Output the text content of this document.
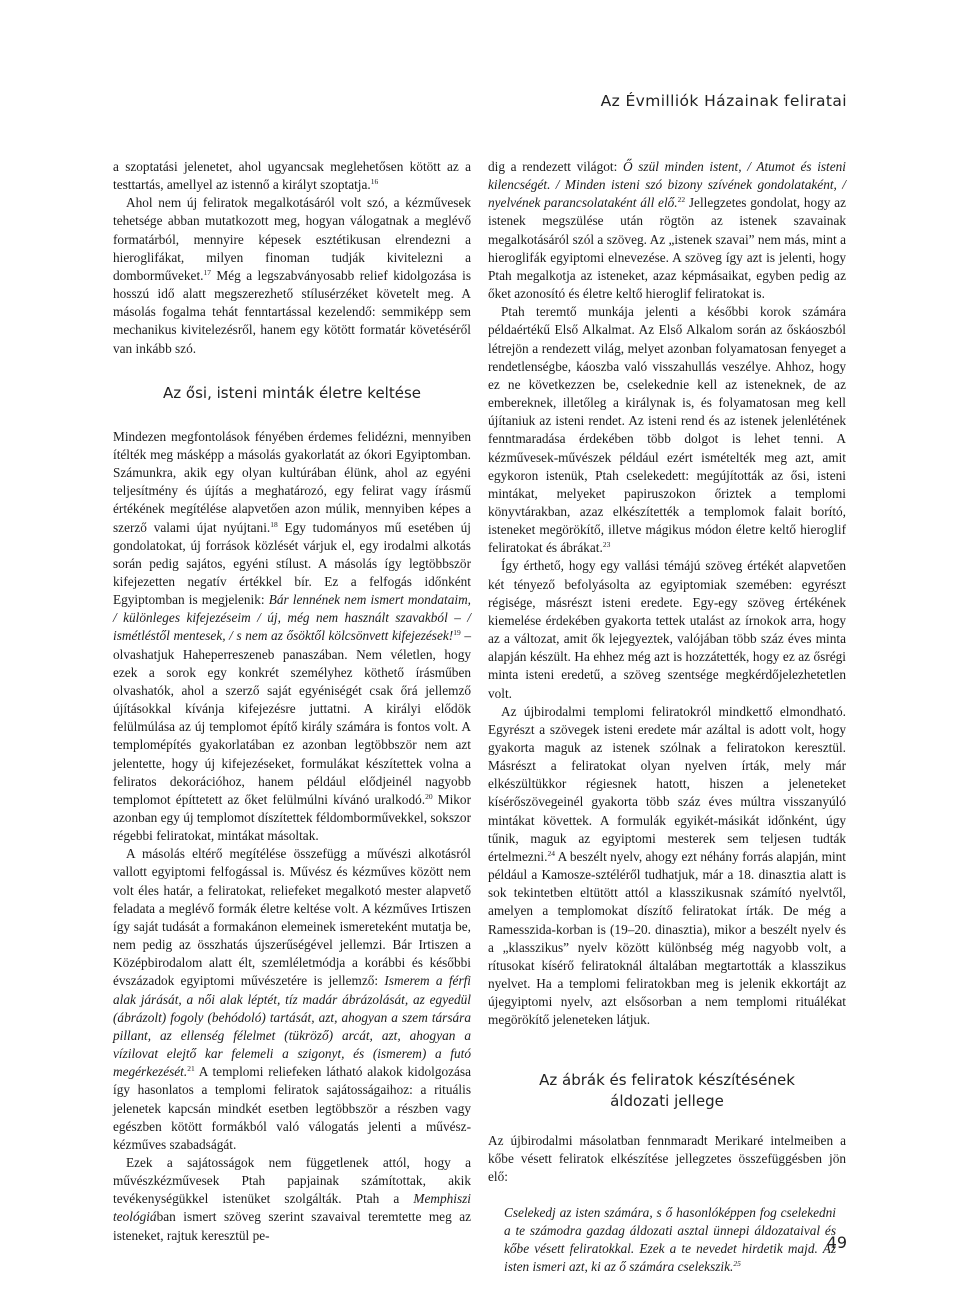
Az Évmilliók Házainak feliratai

a szoptatási jelenetet, ahol ugyancsak meglehetősen kötött az a testtartás, amellyel az istennő a királyt szoptatja.$^{16}$

Ahol nem új feliratok megalkotásáról volt szó, a kézművesek tehetsége abban mutatkozott meg, hogyan válogatnak a meglévő formatárból, mennyire képesek esztétikusan elrendezni a hieroglifákat, milyen finoman tudják kivitelezni a domborműveket.$^{17}$ Még a legszabványosabb relief kidolgozása is hosszú idő alatt megszerezhető stílusérzéket követelt meg. A másolás fogalma tehát fenntartással kezelendő: semmiképp sem mechanikus kivitelezésről, hanem egy kötött formatár követéséről van inkább szó.

Az ősi, isteni minták életre keltése

Mindezen megfontolások fényében érdemes felidézni, mennyiben ítélték meg másképp a másolás gyakorlatát az ókori Egyiptomban. Számunkra, akik egy olyan kultúrában élünk, ahol az egyéni teljesítmény és újítás a meghatározó, egy felirat vagy írásmű értékének megítélése alapvetően azon múlik, mennyiben képes a szerző valami újat nyújtani.$^{18}$ Egy tudományos mű esetében új gondolatokat, új források közlését várjuk el, egy irodalmi alkotás során pedig sajátos, egyéni stílust. A másolás így legtöbbször kifejezetten negatív értékkel bír. Ez a felfogás időnként Egyiptomban is megjelenik: Bár lennének nem ismert mondataim, / különleges kifejezéseim / új, még nem használt szavakból – / ismétléstől mentesek, / s nem az ősöktől kölcsönvett kifejezések!$^{19}$ – olvashatjuk Haheperreszeneb panaszában. Nem véletlen, hogy ezek a sorok egy konkrét személyhez köthető írásműben olvashatók, ahol a szerző saját egyéniségét csak őrá jellemző újításokkal kívánja kifejezésre juttatni. A királyi elődök felülmúlása az új templomot építő király számára is fontos volt. A templomépítés gyakorlatában ez azonban legtöbbször nem azt jelentette, hogy új kifejezéseket, formulákat készítettek volna a feliratos dekorációhoz, hanem például elődjeinél nagyobb templomot építtetett az őket felülmúlni kívánó uralkodó.$^{20}$ Mikor azonban egy új templomot díszítettek féldomborművekkel, sokszor régebbi feliratokat, mintákat másoltak.

A másolás eltérő megítélése összefügg a művészi alkotásról vallott egyiptomi felfogással is. Művész és kézműves között nem volt éles határ, a feliratokat, reliefeket megalkotó mester alapvető feladata a meglévő formák életre keltése volt. A kézműves Irtiszen így saját tudását a formakánon elemeinek ismereteként mutatja be, nem pedig az összhatás újszerűségével jellemzi. Bár Irtiszen a Középbirodalom alatt élt, szemléletmódja a korábbi és későbbi évszázadok egyiptomi művészetére is jellemző: Ismerem a férfi alak járását, a női alak léptét, tíz madár ábrázolását, az egyedül (ábrázolt) fogoly (behódoló) tartását, azt, ahogyan a szem társára pillant, az ellenség félelmet (tükröző) arcát, azt, ahogyan a vízilovat elejtő kar felemeli a szigonyt, és (ismerem) a futó megérkezését.$^{21}$ A templomi reliefeken látható alakok kidolgozása így hasonlatos a templomi feliratok sajátosságaihoz: a rituális jelenetek kapcsán mindkét esetben legtöbbször a részben vagy egészben kötött formákból való válogatás jelenti a művész-kézműves szabadságát.

Ezek a sajátosságok nem függetlenek attól, hogy a művészkézművesek Ptah papjainak számítottak, akik tevékenységükkel istenüket szolgálták. Ptah a Memphiszi teológiában ismert szöveg szerint szavaival teremtette meg az isteneket, rajtuk keresztül pe-

dig a rendezett világot: Ő szül minden istent, / Atumot és isteni kilencségét. / Minden isteni szó bizony szívének gondolataként, / nyelvének parancsolataként áll elő.$^{22}$ Jellegzetes gondolat, hogy az istenek megszülése után rögtön az istenek szavainak megalkotásáról szól a szöveg. Az „istenek szavai” nem más, mint a hieroglifák egyiptomi elnevezése. A szöveg így azt is jelenti, hogy Ptah megalkotja az isteneket, azaz képmásaikat, egyben pedig az őket azonosító és életre keltő hieroglif feliratokat is.

Ptah teremtő munkája jelenti a későbbi korok számára példaértékű Első Alkalmat. Az Első Alkalom során az őskáoszból létrejön a rendezett világ, melyet azonban folyamatosan fenyeget a rendetlenségbe, káoszba való visszahullás veszélye. Ahhoz, hogy ez ne következzen be, cselekednie kell az isteneknek, de az embereknek, illetőleg a királynak is, és folyamatosan meg kell újítaniuk az isteni rendet. Az isteni rend és az istenek jelenlétének fenntmaradása érdekében több dolgot is lehet tenni. A kézművesek-művészek például ezért ismételték meg azt, amit egykoron istenük, Ptah cselekedett: megújították az ősi, isteni mintákat, melyeket papiruszokon őriztek a templomi könyvtárakban, azaz elkészítették a templomok falait borító, isteneket megörökítő, illetve mágikus módon életre keltő hieroglif feliratokat és ábrákat.$^{23}$

Így érthető, hogy egy vallási témájú szöveg értékét alapvetően két tényező befolyásolta az egyiptomiak szemében: egyrészt régisége, másrészt isteni eredete. Egy-egy szöveg értékének kiemelése érdekében gyakorta tettek utalást az írnokok arra, hogy az a változat, amit ők lejegyeztek, valójában több száz éves minta alapján készült. Ha ehhez még azt is hozzátették, hogy ez az ősrégi minta isteni eredetű, a szöveg szentsége megkérdőjelezhetetlen volt.

Az újbirodalmi templomi feliratokról mindkettő elmondható. Egyrészt a szövegek isteni eredete már azáltal is adott volt, hogy gyakorta maguk az istenek szólnak a feliratokon keresztül. Másrészt a feliratokat olyan nyelven írták, mely már elkészültükkor régiesnek hatott, hiszen a jeleneteket kísérőszövegeinél gyakorta több száz éves múltra visszanyúló mintákat követtek. A formulák egyikét-másikát időnként, úgy tűnik, maguk az egyiptomi mesterek sem teljesen tudták értelmezni.$^{24}$ A beszélt nyelv, ahogy ezt néhány forrás alapján, mint például a Kamosze-sztéléről tudhatjuk, már a 18. dinasztia alatt is sok tekintetben eltütött attól a klasszikusnak számító nyelvtől, amelyen a templomokat díszítő feliratokat írták. De még a Ramesszida-korban is (19–20. dinasztia), mikor a beszélt nyelv és a „klasszikus” nyelv között különbség még nagyobb volt, a rítusokat kísérő feliratoknál általában megtartották a klasszikus nyelvet. Ha a templomi feliratokban meg is jelenik ekkortájt az újegyiptomi nyelv, azt elsősorban a nem templomi rituálékat megörökítő jeleneteken látjuk.

Az ábrák és feliratok készítésének
áldozati jellege

Az újbirodalmi másolatban fennmaradt Merikaré intelmeiben a kőbe vésett feliratok elkészítése jellegzetes összefüggésben jön elő:

Cselekedj az isten számára, s ő hasonlóképpen fog cselekedni a te számodra gazdag áldozati asztal ünnepi áldozataival és kőbe vésett feliratokkal. Ezek a te nevedet hirdetik majd. Az isten ismeri azt, ki az ő számára cselekszik.$^{25}$

49
